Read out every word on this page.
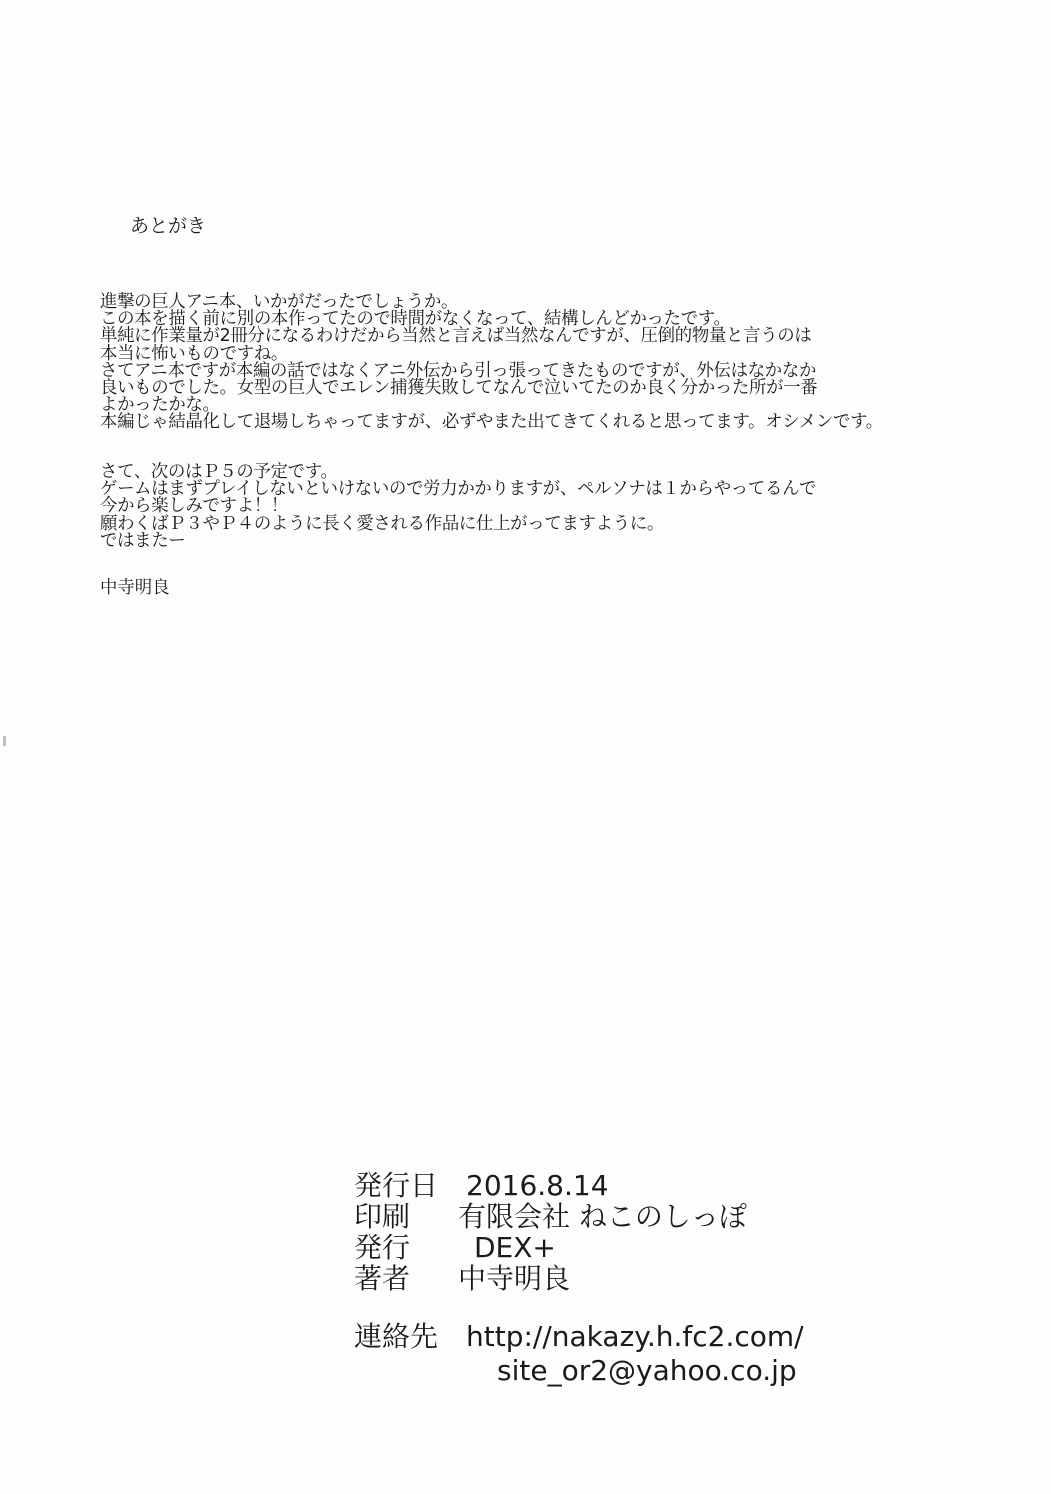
あとがき
進撃の巨人アニ本、いかがだったでしょうか。
この本を描く前に別の本作ってたので時間がなくなって、結構しんどかったです。
単純に作業量が2冊分になるわけだから当然と言えば当然なんですが、圧倒的物量と言うのは
本当に怖いものですね。
さてアニ本ですが本編の話ではなくアニ外伝から引っ張ってきたものですが、外伝はなかなか
良いものでした。女型の巨人でエレン捕獲失敗してなんで泣いてたのか良く分かった所が一番
よかったかな。
本編じゃ結晶化して退場しちゃってますが、必ずやまた出てきてくれると思ってます。オシメンです。
さて、次のはＰ５の予定です。
ゲームはまずプレイしないといけないので労力かかりますが、ペルソナは１からやってるんで
今から楽しみですよ！！
願わくばＰ３やＰ４のように長く愛される作品に仕上がってますように。
ではまたー
中寺明良
発行日 2016.8.14
印刷 有限会社 ねこのしっぽ
発行 DEX+
著者 中寺明良
連絡先 http://nakazy.h.fc2.com/
site_or2@yahoo.co.jp
